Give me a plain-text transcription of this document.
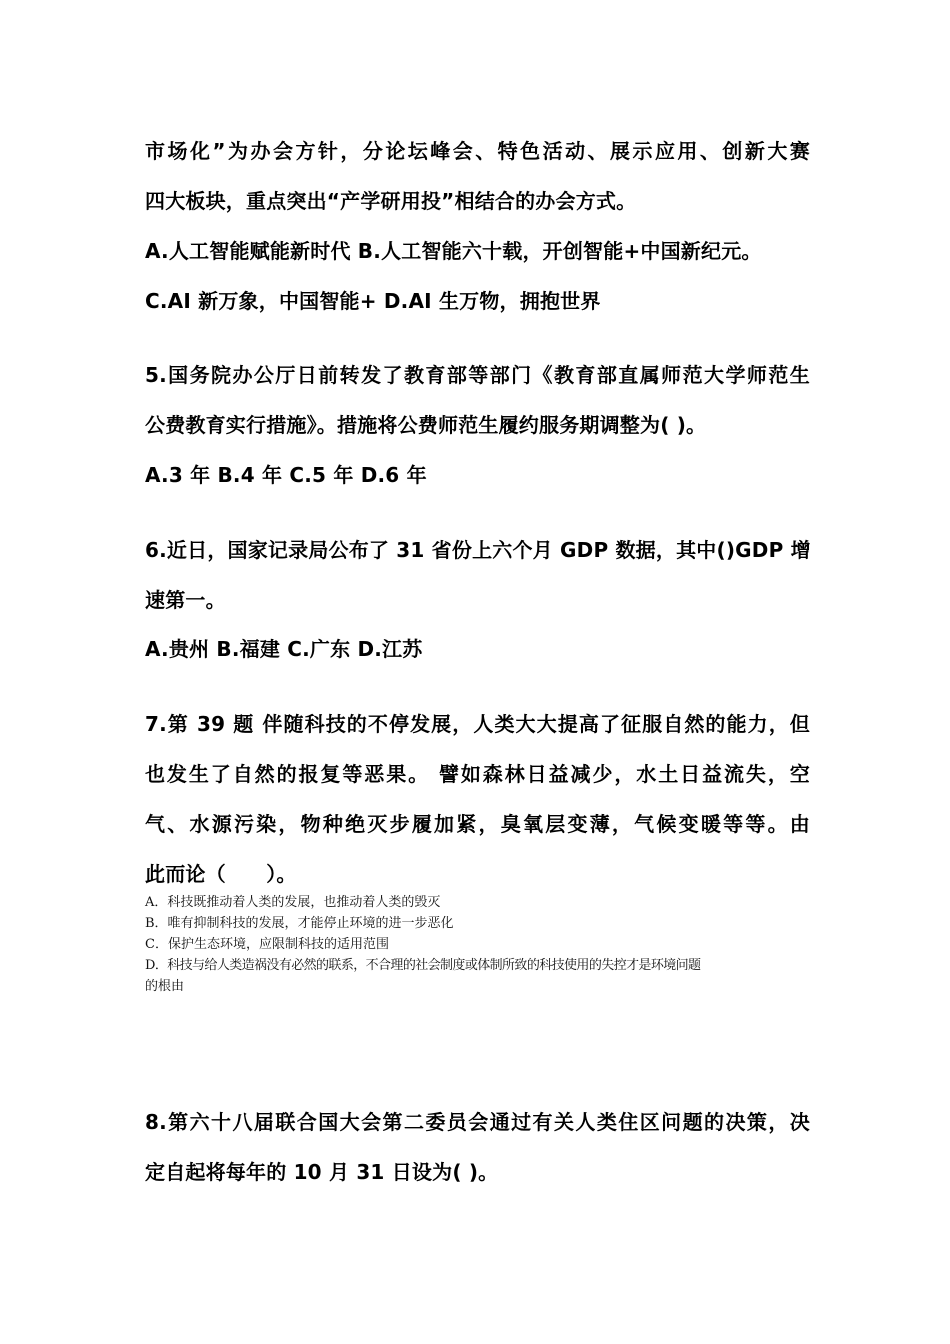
市场化”为办会方针，分论坛峰会、特色活动、展示应用、创新大赛
四大板块，重点突出“产学研用投”相结合的办会方式。
A.人工智能赋能新时代 B.人工智能六十载，开创智能+中国新纪元。
C.AI 新万象，中国智能+ D.AI 生万物，拥抱世界
5.国务院办公厅日前转发了教育部等部门《教育部直属师范大学师范生
公费教育实行措施》。措施将公费师范生履约服务期调整为( )。
A.3 年 B.4 年 C.5 年 D.6 年
6.近日，国家记录局公布了 31 省份上六个月 GDP 数据，其中()GDP 增
速第一。
A.贵州 B.福建 C.广东 D.江苏
7.第 39 题 伴随科技的不停发展，人类大大提高了征服自然的能力，但
也发生了自然的报复等恶果。 譬如森林日益减少，水土日益流失，空
气、水源污染，物种绝灭步履加紧，臭氧层变薄，气候变暖等等。由
此而论（　　）。
A．科技既推动着人类的发展，也推动着人类的毁灭
B．唯有抑制科技的发展，才能停止环境的进一步恶化
C．保护生态环境，应限制科技的适用范围
D．科技与给人类造祸没有必然的联系，不合理的社会制度或体制所致的科技使用的失控才是环境问题
的根由
8.第六十八届联合国大会第二委员会通过有关人类住区问题的决策，决
定自起将每年的 10 月 31 日设为( )。
